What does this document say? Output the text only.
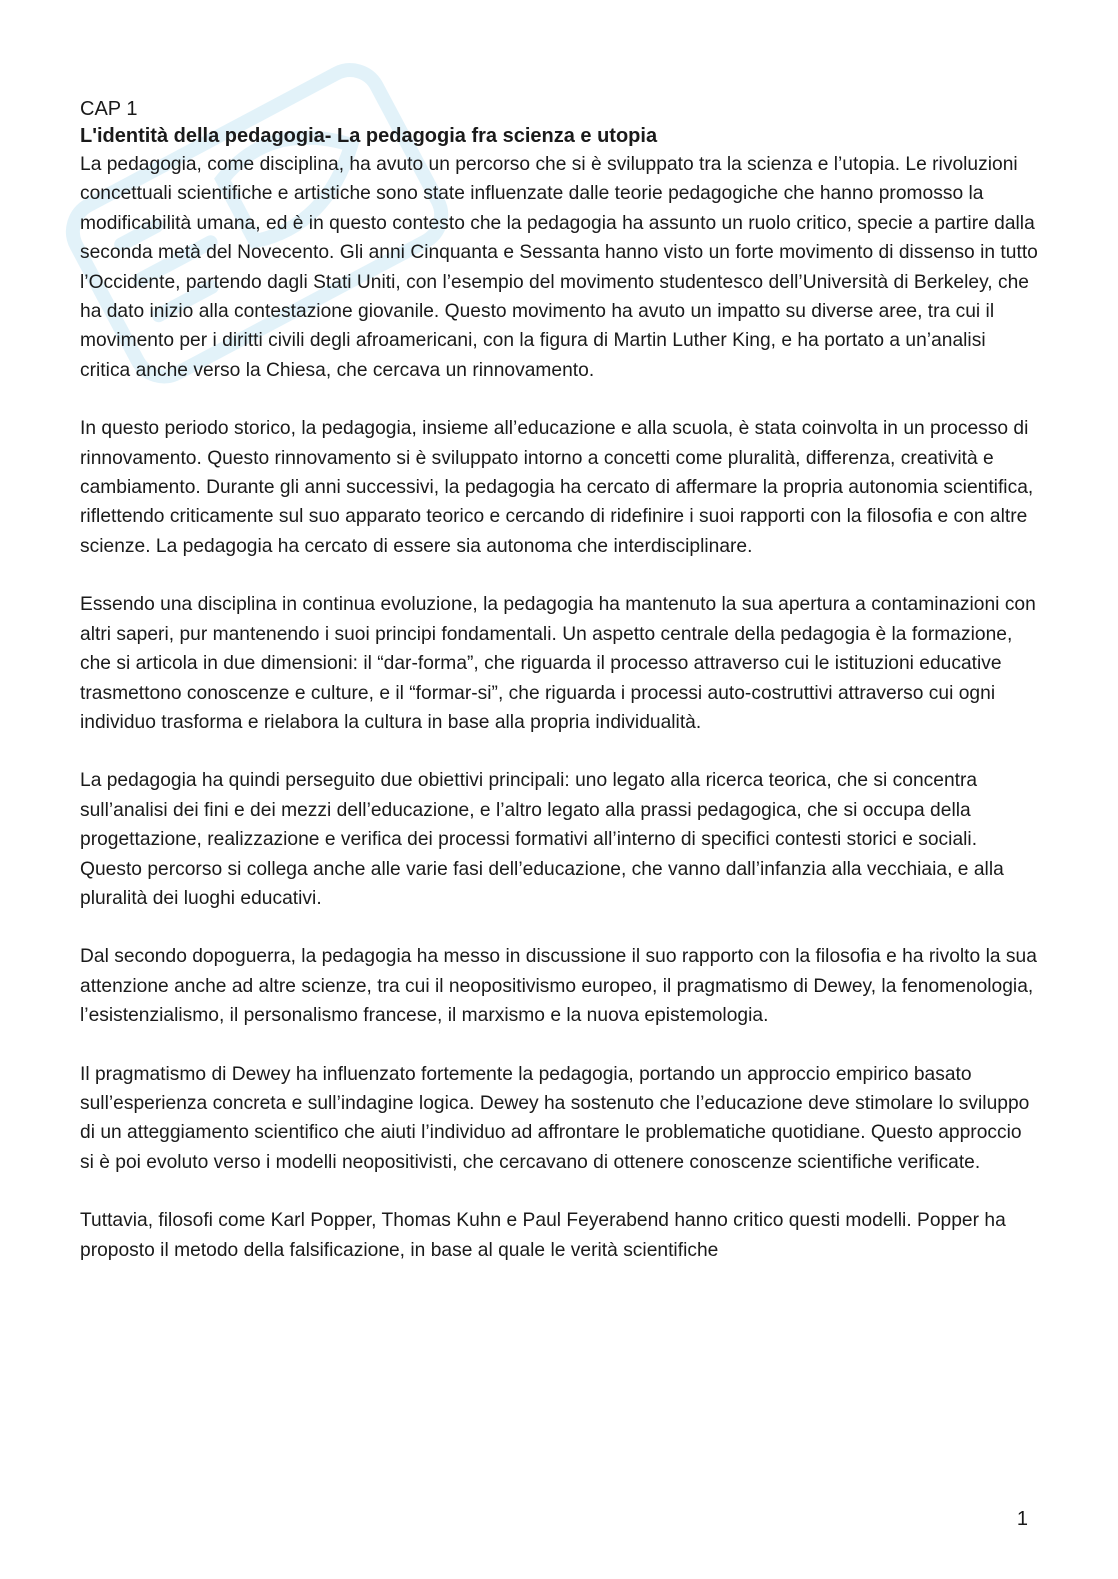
CAP 1

L'identità della pedagogia- La pedagogia fra scienza e utopia

La pedagogia, come disciplina, ha avuto un percorso che si è sviluppato tra la scienza e l’utopia. Le rivoluzioni concettuali scientifiche e artistiche sono state influenzate dalle teorie pedagogiche che hanno promosso la modificabilità umana, ed è in questo contesto che la pedagogia ha assunto un ruolo critico, specie a partire dalla seconda metà del Novecento. Gli anni Cinquanta e Sessanta hanno visto un forte movimento di dissenso in tutto l’Occidente, partendo dagli Stati Uniti, con l’esempio del movimento studentesco dell’Università di Berkeley, che ha dato inizio alla contestazione giovanile. Questo movimento ha avuto un impatto su diverse aree, tra cui il movimento per i diritti civili degli afroamericani, con la figura di Martin Luther King, e ha portato a un’analisi critica anche verso la Chiesa, che cercava un rinnovamento.

In questo periodo storico, la pedagogia, insieme all’educazione e alla scuola, è stata coinvolta in un processo di rinnovamento. Questo rinnovamento si è sviluppato intorno a concetti come pluralità, differenza, creatività e cambiamento. Durante gli anni successivi, la pedagogia ha cercato di affermare la propria autonomia scientifica, riflettendo criticamente sul suo apparato teorico e cercando di ridefinire i suoi rapporti con la filosofia e con altre scienze. La pedagogia ha cercato di essere sia autonoma che interdisciplinare.

Essendo una disciplina in continua evoluzione, la pedagogia ha mantenuto la sua apertura a contaminazioni con altri saperi, pur mantenendo i suoi principi fondamentali. Un aspetto centrale della pedagogia è la formazione, che si articola in due dimensioni: il “dar-forma”, che riguarda il processo attraverso cui le istituzioni educative trasmettono conoscenze e culture, e il “formar-si”, che riguarda i processi auto-costruttivi attraverso cui ogni individuo trasforma e rielabora la cultura in base alla propria individualità.

La pedagogia ha quindi perseguito due obiettivi principali: uno legato alla ricerca teorica, che si concentra sull’analisi dei fini e dei mezzi dell’educazione, e l’altro legato alla prassi pedagogica, che si occupa della progettazione, realizzazione e verifica dei processi formativi all’interno di specifici contesti storici e sociali. Questo percorso si collega anche alle varie fasi dell’educazione, che vanno dall’infanzia alla vecchiaia, e alla pluralità dei luoghi educativi.

Dal secondo dopoguerra, la pedagogia ha messo in discussione il suo rapporto con la filosofia e ha rivolto la sua attenzione anche ad altre scienze, tra cui il neopositivismo europeo, il pragmatismo di Dewey, la fenomenologia, l’esistenzialismo, il personalismo francese, il marxismo e la nuova epistemologia.

Il pragmatismo di Dewey ha influenzato fortemente la pedagogia, portando un approccio empirico basato sull’esperienza concreta e sull’indagine logica. Dewey ha sostenuto che l’educazione deve stimolare lo sviluppo di un atteggiamento scientifico che aiuti l’individuo ad affrontare le problematiche quotidiane. Questo approccio si è poi evoluto verso i modelli neopositivisti, che cercavano di ottenere conoscenze scientifiche verificate.

Tuttavia, filosofi come Karl Popper, Thomas Kuhn e Paul Feyerabend hanno critico questi modelli. Popper ha proposto il metodo della falsificazione, in base al quale le verità scientifiche

1
